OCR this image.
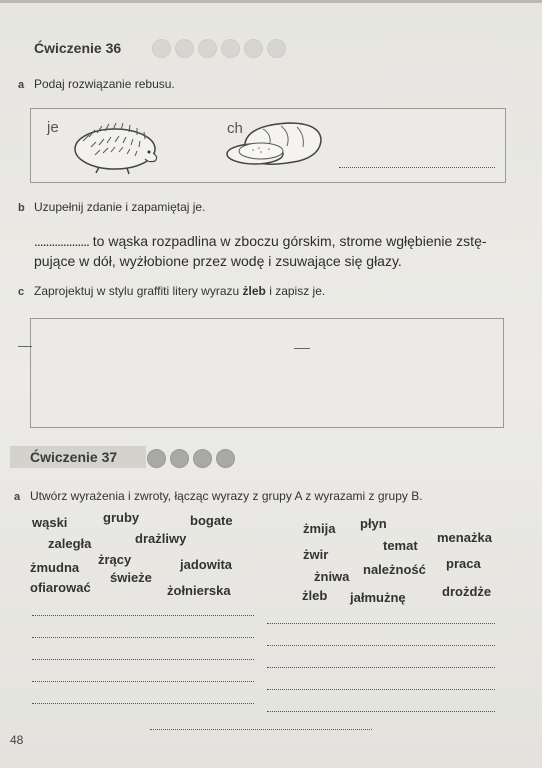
Ćwiczenie 36
a Podaj rozwiązanie rebusu.
je	ch
b Uzupełnij zdanie i zapamiętaj je.
................... to wąska rozpadlina w zboczu górskim, strome wgłębienie zstę-
pujące w dół, wyżłobione przez wodę i zsuwające się głazy.
c Zaprojektuj w stylu graffiti litery wyrazu żleb i zapisz je.
Ćwiczenie 37
a Utwórz wyrażenia i zwroty, łącząc wyrazy z grupy A z wyrazami z grupy B.
wąski	gruby	bogate
zaległa	drażliwy
żrący
żmudna	jadowita
świeże
ofiarować	żołnierska
żmija płyn
menażka
temat
żwir
praca
żniwa należność
żleb jałmużnę	drożdże
48
